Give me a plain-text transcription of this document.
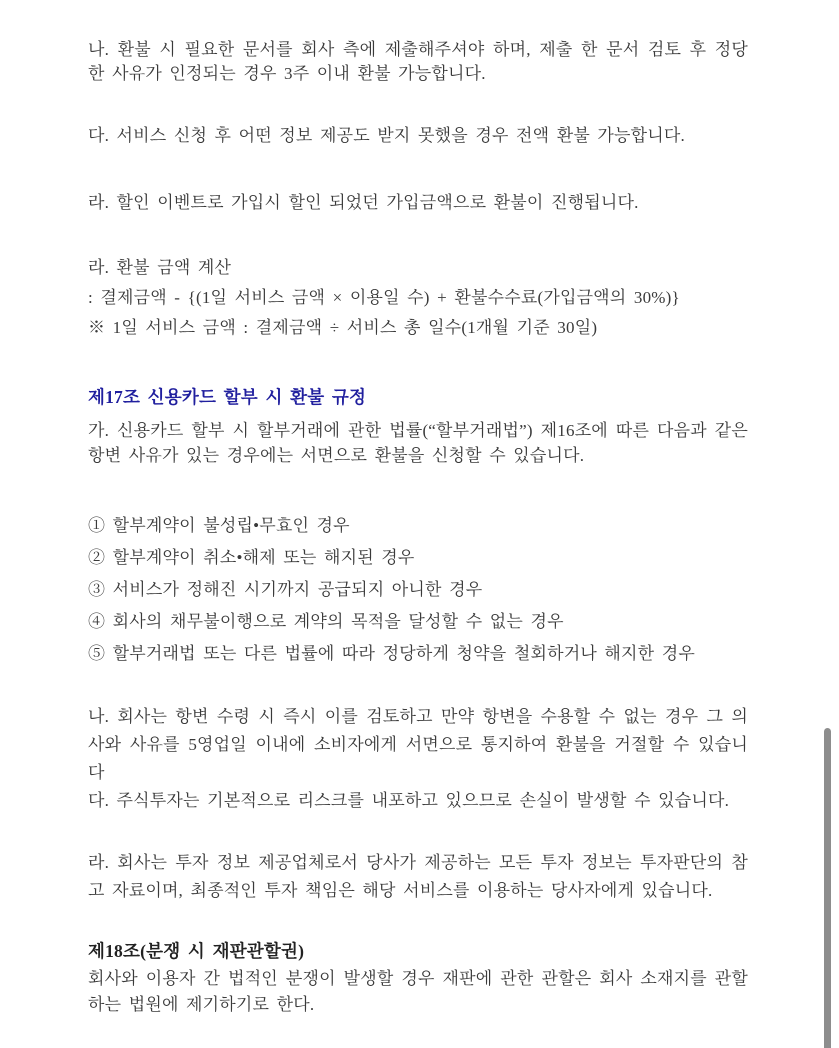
나. 환불 시 필요한 문서를 회사 측에 제출해주셔야 하며, 제출 한 문서 검토 후 정당한 사유가 인정되는 경우 3주 이내 환불 가능합니다.

다. 서비스 신청 후 어떤 정보 제공도 받지 못했을 경우 전액 환불 가능합니다.

라. 할인 이벤트로 가입시 할인 되었던 가입금액으로 환불이 진행됩니다.

라. 환불 금액 계산

: 결제금액 - {(1일 서비스 금액 × 이용일 수) + 환불수수료(가입금액의 30%)}

※ 1일 서비스 금액 : 결제금액 ÷ 서비스 총 일수(1개월 기준 30일)

제17조 신용카드 할부 시 환불 규정

가. 신용카드 할부 시 할부거래에 관한 법률(“할부거래법”) 제16조에 따른 다음과 같은 항변 사유가 있는 경우에는 서면으로 환불을 신청할 수 있습니다.

① 할부계약이 불성립•무효인 경우
② 할부계약이 취소•해제 또는 해지된 경우
③ 서비스가 정해진 시기까지 공급되지 아니한 경우
④ 회사의 채무불이행으로 계약의 목적을 달성할 수 없는 경우
⑤ 할부거래법 또는 다른 법률에 따라 정당하게 청약을 철회하거나 해지한 경우

나. 회사는 항변 수령 시 즉시 이를 검토하고 만약 항변을 수용할 수 없는 경우 그 의사와 사유를 5영업일 이내에 소비자에게 서면으로 통지하여 환불을 거절할 수 있습니다

다. 주식투자는 기본적으로 리스크를 내포하고 있으므로 손실이 발생할 수 있습니다.

라. 회사는 투자 정보 제공업체로서 당사가 제공하는 모든 투자 정보는 투자판단의 참고 자료이며, 최종적인 투자 책임은 해당 서비스를 이용하는 당사자에게 있습니다.

제18조(분쟁 시 재판관할권)

회사와 이용자 간 법적인 분쟁이 발생할 경우 재판에 관한 관할은 회사 소재지를 관할하는 법원에 제기하기로 한다.
